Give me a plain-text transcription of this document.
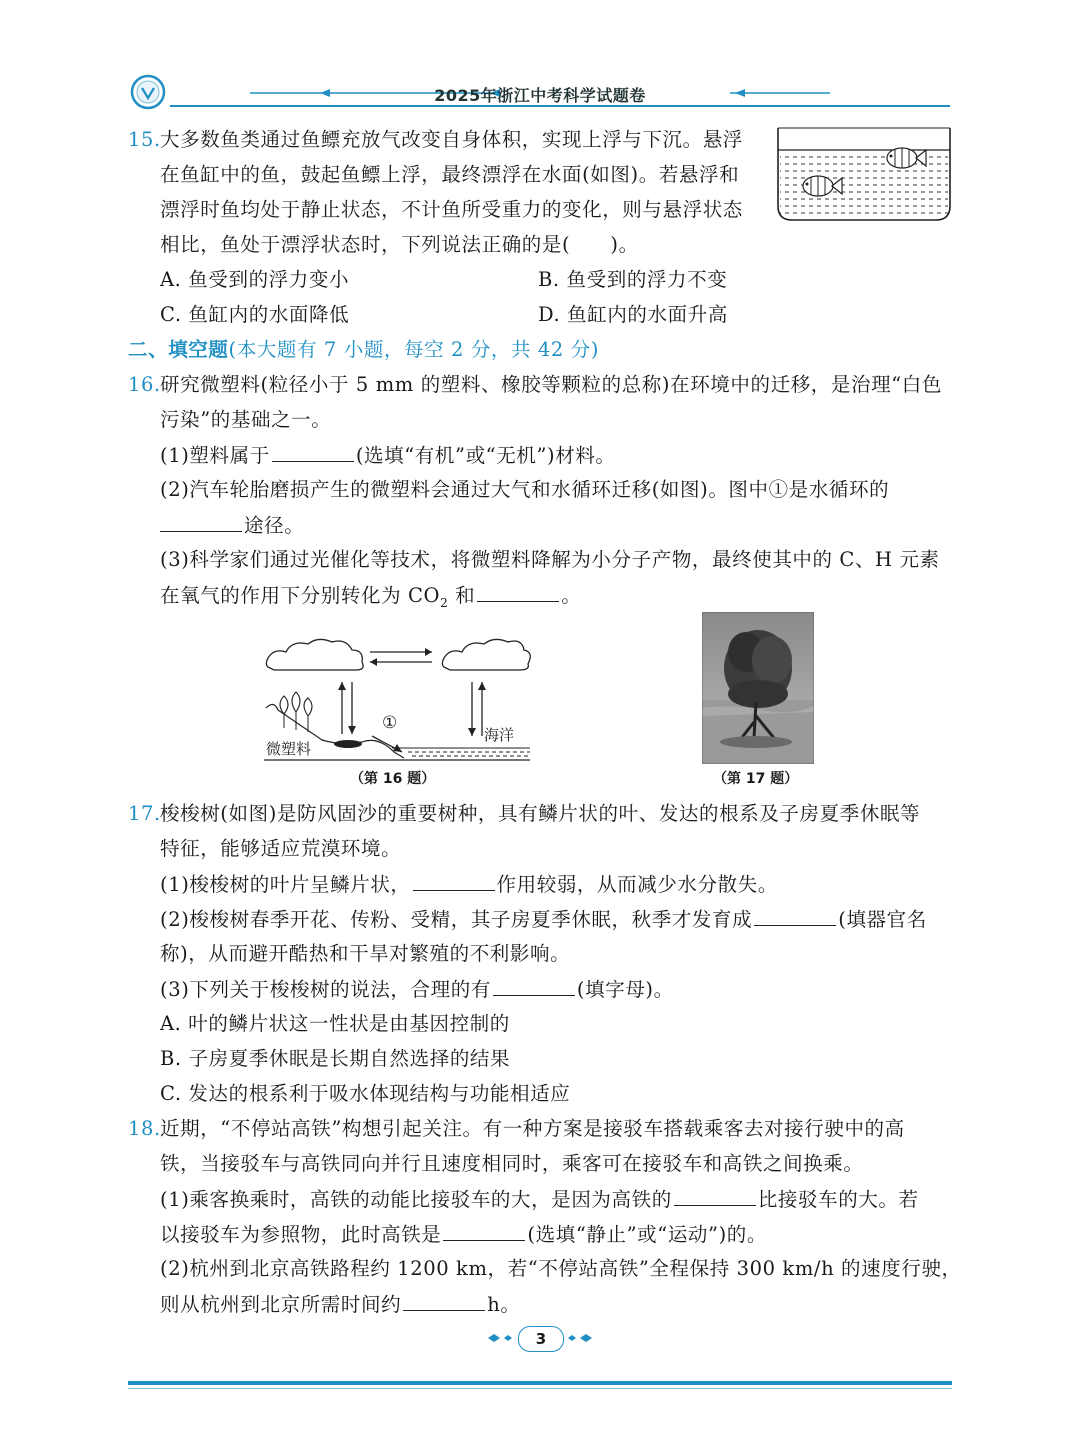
2025年浙江中考科学试题卷
15. 大多数鱼类通过鱼鳔充放气改变自身体积，实现上浮与下沉。悬浮
在鱼缸中的鱼，鼓起鱼鳔上浮，最终漂浮在水面(如图)。若悬浮和
漂浮时鱼均处于静止状态，不计鱼所受重力的变化，则与悬浮状态
相比，鱼处于漂浮状态时，下列说法正确的是(　　)。
A. 鱼受到的浮力变小	B. 鱼受到的浮力不变
C. 鱼缸内的水面降低	D. 鱼缸内的水面升高
二、填空题(本大题有 7 小题，每空 2 分，共 42 分)
16. 研究微塑料(粒径小于 5 mm 的塑料、橡胶等颗粒的总称)在环境中的迁移，是治理“白色
污染”的基础之一。
(1)塑料属于	(选填“有机”或“无机”)材料。
(2)汽车轮胎磨损产生的微塑料会通过大气和水循环迁移(如图)。图中①是水循环的
途径。
(3)科学家们通过光催化等技术，将微塑料降解为小分子产物，最终使其中的 C、H 元素
在氧气的作用下分别转化为 $CO_2$ 和	。
①
海洋
微塑料
（第 16 题）	（第 17 题）
17. 梭梭树(如图)是防风固沙的重要树种，具有鳞片状的叶、发达的根系及子房夏季休眠等
特征，能够适应荒漠环境。
(1)梭梭树的叶片呈鳞片状，	作用较弱，从而减少水分散失。
(2)梭梭树春季开花、传粉、受精，其子房夏季休眠，秋季才发育成	(填器官名
称)，从而避开酷热和干旱对繁殖的不利影响。
(3)下列关于梭梭树的说法，合理的有	(填字母)。
A. 叶的鳞片状这一性状是由基因控制的
B. 子房夏季休眠是长期自然选择的结果
C. 发达的根系利于吸水体现结构与功能相适应
18. 近期，“不停站高铁”构想引起关注。有一种方案是接驳车搭载乘客去对接行驶中的高
铁，当接驳车与高铁同向并行且速度相同时，乘客可在接驳车和高铁之间换乘。
(1)乘客换乘时，高铁的动能比接驳车的大，是因为高铁的	比接驳车的大。若
以接驳车为参照物，此时高铁是	(选填“静止”或“运动”)的。
(2)杭州到北京高铁路程约 1200 km，若“不停站高铁”全程保持 300 km/h 的速度行驶，
则从杭州到北京所需时间约	h。
3
